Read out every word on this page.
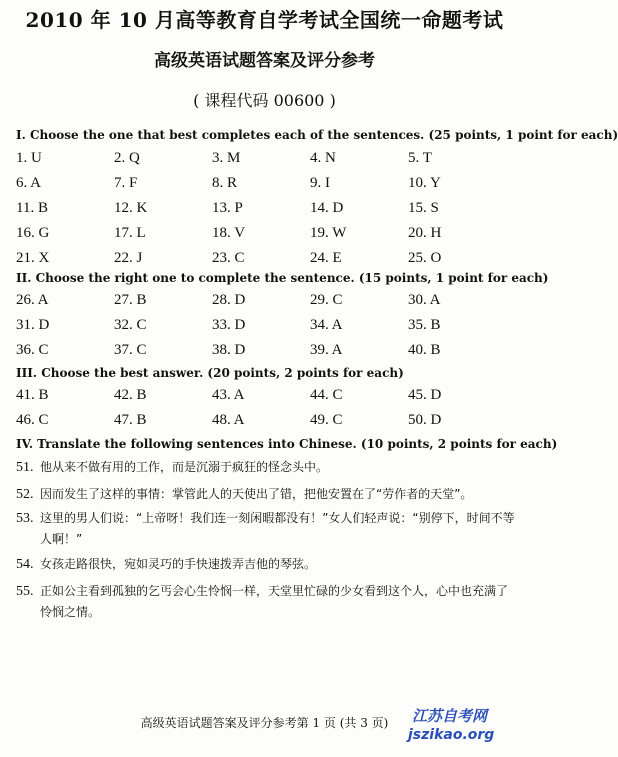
2010 年 10 月高等教育自学考试全国统一命题考试
高级英语试题答案及评分参考
( 课程代码 00600 )
I. Choose the one that best completes each of the sentences. (25 points, 1 point for each)
1. U	2. Q	3. M	4. N	5. T
6. A	7. F	8. R	9. I	10. Y
11. B	12. K	13. P	14. D	15. S
16. G	17. L	18. V	19. W	20. H
21. X	22. J	23. C	24. E	25. O
II. Choose the right one to complete the sentence. (15 points, 1 point for each)
26. A	27. B	28. D	29. C	30. A
31. D	32. C	33. D	34. A	35. B
36. C	37. C	38. D	39. A	40. B
III. Choose the best answer. (20 points, 2 points for each)
41. B	42. B	43. A	44. C	45. D
46. C	47. B	48. A	49. C	50. D
IV. Translate the following sentences into Chinese. (10 points, 2 points for each)
51. 他从来不做有用的工作，而是沉溺于疯狂的怪念头中。
52. 因而发生了这样的事情：掌管此人的天使出了错，把他安置在了“劳作者的天堂”。
53. 这里的男人们说：“上帝呀！我们连一刻闲暇都没有！”女人们轻声说：“别停下，时间不等人啊！”
54. 女孩走路很快，宛如灵巧的手快速拨弄吉他的琴弦。
55. 正如公主看到孤独的乞丐会心生怜悯一样，天堂里忙碌的少女看到这个人，心中也充满了怜悯之情。
高级英语试题答案及评分参考第 1 页 (共 3 页)	江苏自考网
jszikao.org
